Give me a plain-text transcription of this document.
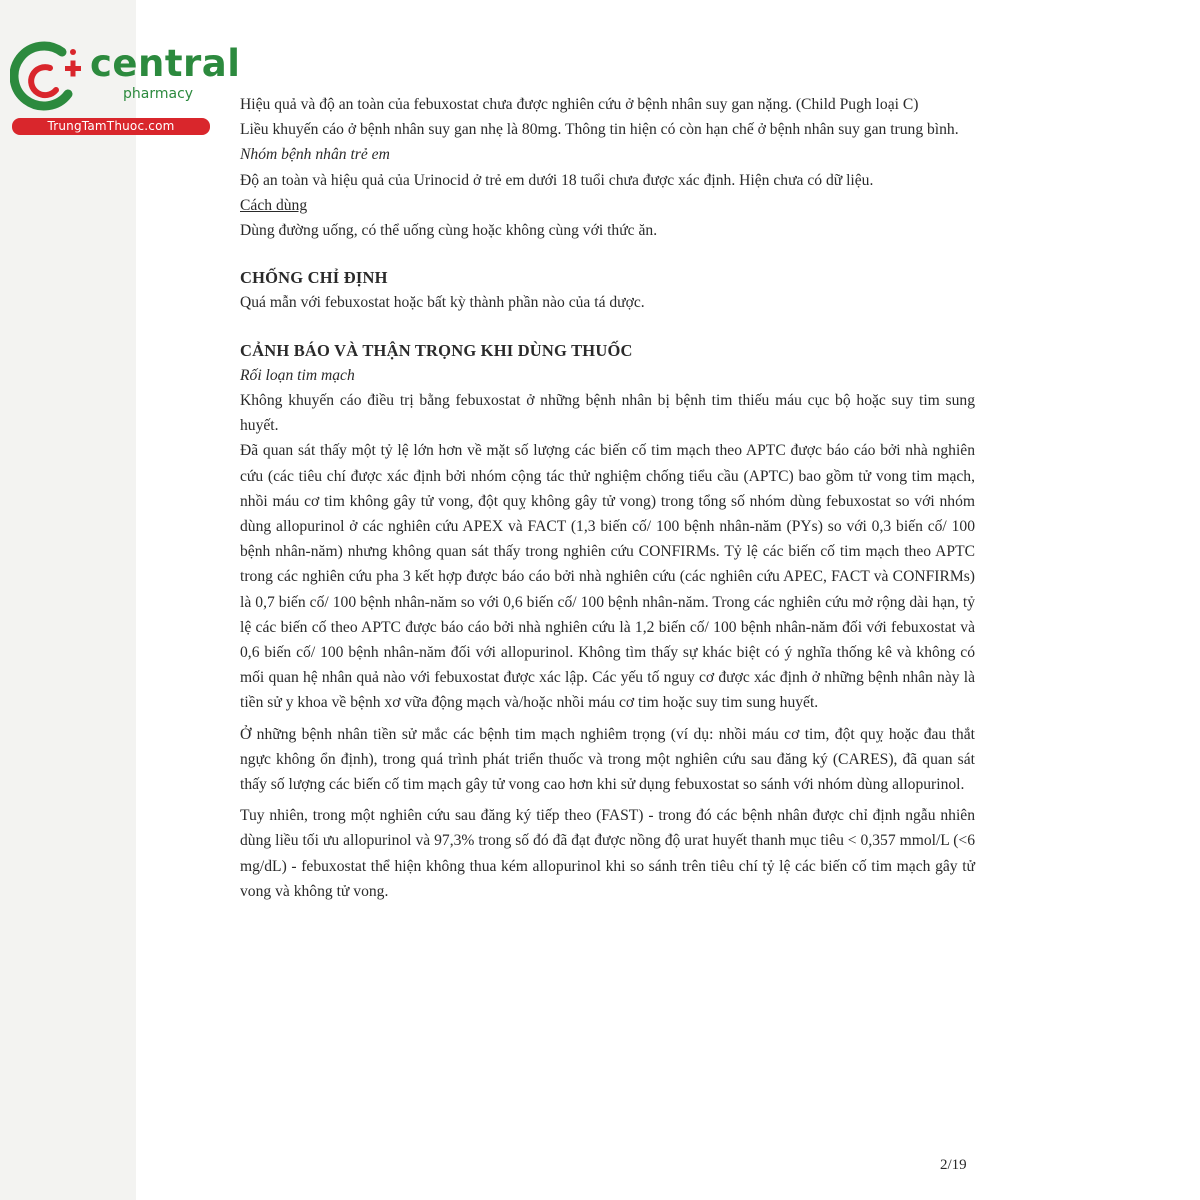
central
pharmacy
TrungTamThuoc.com

Hiệu quả và độ an toàn của febuxostat chưa được nghiên cứu ở bệnh nhân suy gan nặng. (Child Pugh loại C)

Liều khuyến cáo ở bệnh nhân suy gan nhẹ là 80mg. Thông tin hiện có còn hạn chế ở bệnh nhân suy gan trung bình.

Nhóm bệnh nhân trẻ em

Độ an toàn và hiệu quả của Urinocid ở trẻ em dưới 18 tuổi chưa được xác định. Hiện chưa có dữ liệu.

Cách dùng

Dùng đường uống, có thể uống cùng hoặc không cùng với thức ăn.

CHỐNG CHỈ ĐỊNH

Quá mẫn với febuxostat hoặc bất kỳ thành phần nào của tá dược.

CẢNH BÁO VÀ THẬN TRỌNG KHI DÙNG THUỐC

Rối loạn tim mạch

Không khuyến cáo điều trị bằng febuxostat ở những bệnh nhân bị bệnh tim thiếu máu cục bộ hoặc suy tim sung huyết.

Đã quan sát thấy một tỷ lệ lớn hơn về mặt số lượng các biến cố tim mạch theo APTC được báo cáo bởi nhà nghiên cứu (các tiêu chí được xác định bởi nhóm cộng tác thử nghiệm chống tiểu cầu (APTC) bao gồm tử vong tim mạch, nhồi máu cơ tim không gây tử vong, đột quỵ không gây tử vong) trong tổng số nhóm dùng febuxostat so với nhóm dùng allopurinol ở các nghiên cứu APEX và FACT (1,3 biến cố/ 100 bệnh nhân-năm (PYs) so với 0,3 biến cố/ 100 bệnh nhân-năm) nhưng không quan sát thấy trong nghiên cứu CONFIRMs. Tỷ lệ các biến cố tim mạch theo APTC trong các nghiên cứu pha 3 kết hợp được báo cáo bởi nhà nghiên cứu (các nghiên cứu APEC, FACT và CONFIRMs) là 0,7 biến cố/ 100 bệnh nhân-năm so với 0,6 biến cố/ 100 bệnh nhân-năm. Trong các nghiên cứu mở rộng dài hạn, tỷ lệ các biến cố theo APTC được báo cáo bởi nhà nghiên cứu là 1,2 biến cố/ 100 bệnh nhân-năm đối với febuxostat và 0,6 biến cố/ 100 bệnh nhân-năm đối với allopurinol. Không tìm thấy sự khác biệt có ý nghĩa thống kê và không có mối quan hệ nhân quả nào với febuxostat được xác lập. Các yếu tố nguy cơ được xác định ở những bệnh nhân này là tiền sử y khoa về bệnh xơ vữa động mạch và/hoặc nhồi máu cơ tim hoặc suy tim sung huyết.

Ở những bệnh nhân tiền sử mắc các bệnh tim mạch nghiêm trọng (ví dụ: nhồi máu cơ tim, đột quỵ hoặc đau thắt ngực không ổn định), trong quá trình phát triển thuốc và trong một nghiên cứu sau đăng ký (CARES), đã quan sát thấy số lượng các biến cố tim mạch gây tử vong cao hơn khi sử dụng febuxostat so sánh với nhóm dùng allopurinol.

Tuy nhiên, trong một nghiên cứu sau đăng ký tiếp theo (FAST) - trong đó các bệnh nhân được chỉ định ngẫu nhiên dùng liều tối ưu allopurinol và 97,3% trong số đó đã đạt được nồng độ urat huyết thanh mục tiêu < 0,357 mmol/L (<6 mg/dL) - febuxostat thể hiện không thua kém allopurinol khi so sánh trên tiêu chí tỷ lệ các biến cố tim mạch gây tử vong và không tử vong.

2/19
